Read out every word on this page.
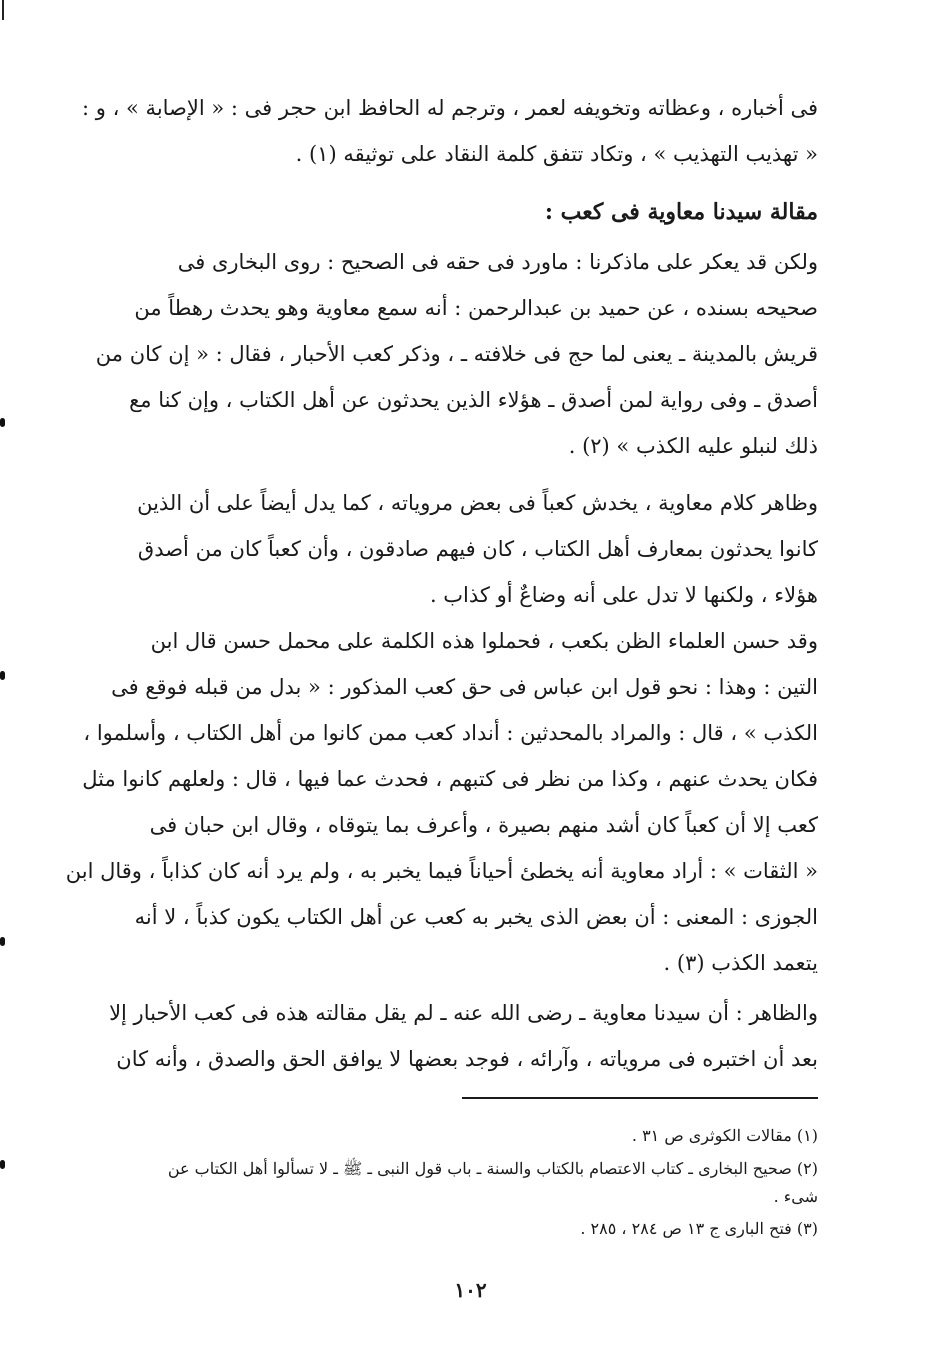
فى أخباره ، وعظاته وتخويفه لعمر ، وترجم له الحافظ ابن حجر فى : « الإصابة » ، و :
« تهذيب التهذيب » ، وتكاد تتفق كلمة النقاد على توثيقه (١) .
مقالة سيدنا معاوية فى كعب :
ولكن قد يعكر على ماذكرنا : ماورد فى حقه فى الصحيح : روى البخارى فى
صحيحه بسنده ، عن حميد بن عبدالرحمن : أنه سمع معاوية وهو يحدث رهطاً من
قريش بالمدينة ـ يعنى لما حج فى خلافته ـ ، وذكر كعب الأحبار ، فقال : « إن كان من
أصدق ـ وفى رواية لمن أصدق ـ هؤلاء الذين يحدثون عن أهل الكتاب ، وإن كنا مع
ذلك لنبلو عليه الكذب » (٢) .
وظاهر كلام معاوية ، يخدش كعباً فى بعض مروياته ، كما يدل أيضاً على أن الذين
كانوا يحدثون بمعارف أهل الكتاب ، كان فيهم صادقون ، وأن كعباً كان من أصدق
هؤلاء ، ولكنها لا تدل على أنه وضاعٌ أو كذاب .
وقد حسن العلماء الظن بكعب ، فحملوا هذه الكلمة على محمل حسن قال ابن
التين : وهذا : نحو قول ابن عباس فى حق كعب المذكور : « بدل من قبله فوقع فى
الكذب » ، قال : والمراد بالمحدثين : أنداد كعب ممن كانوا من أهل الكتاب ، وأسلموا ،
فكان يحدث عنهم ، وكذا من نظر فى كتبهم ، فحدث عما فيها ، قال : ولعلهم كانوا مثل
كعب إلا أن كعباً كان أشد منهم بصيرة ، وأعرف بما يتوقاه ، وقال ابن حبان فى
« الثقات » : أراد معاوية أنه يخطئ أحياناً فيما يخبر به ، ولم يرد أنه كان كذاباً ، وقال ابن
الجوزى : المعنى : أن بعض الذى يخبر به كعب عن أهل الكتاب يكون كذباً ، لا أنه
يتعمد الكذب (٣) .
والظاهر : أن سيدنا معاوية ـ رضى الله عنه ـ لم يقل مقالته هذه فى كعب الأحبار إلا
بعد أن اختبره فى مروياته ، وآرائه ، فوجد بعضها لا يوافق الحق والصدق ، وأنه كان
(١) مقالات الكوثرى ص ٣١ .
(٢) صحيح البخارى ـ كتاب الاعتصام بالكتاب والسنة ـ باب قول النبى ـ ﷺ ـ لا تسألوا أهل الكتاب عن
شىء .
(٣) فتح البارى ج ١٣ ص ٢٨٤ ، ٢٨٥ .
١٠٢
